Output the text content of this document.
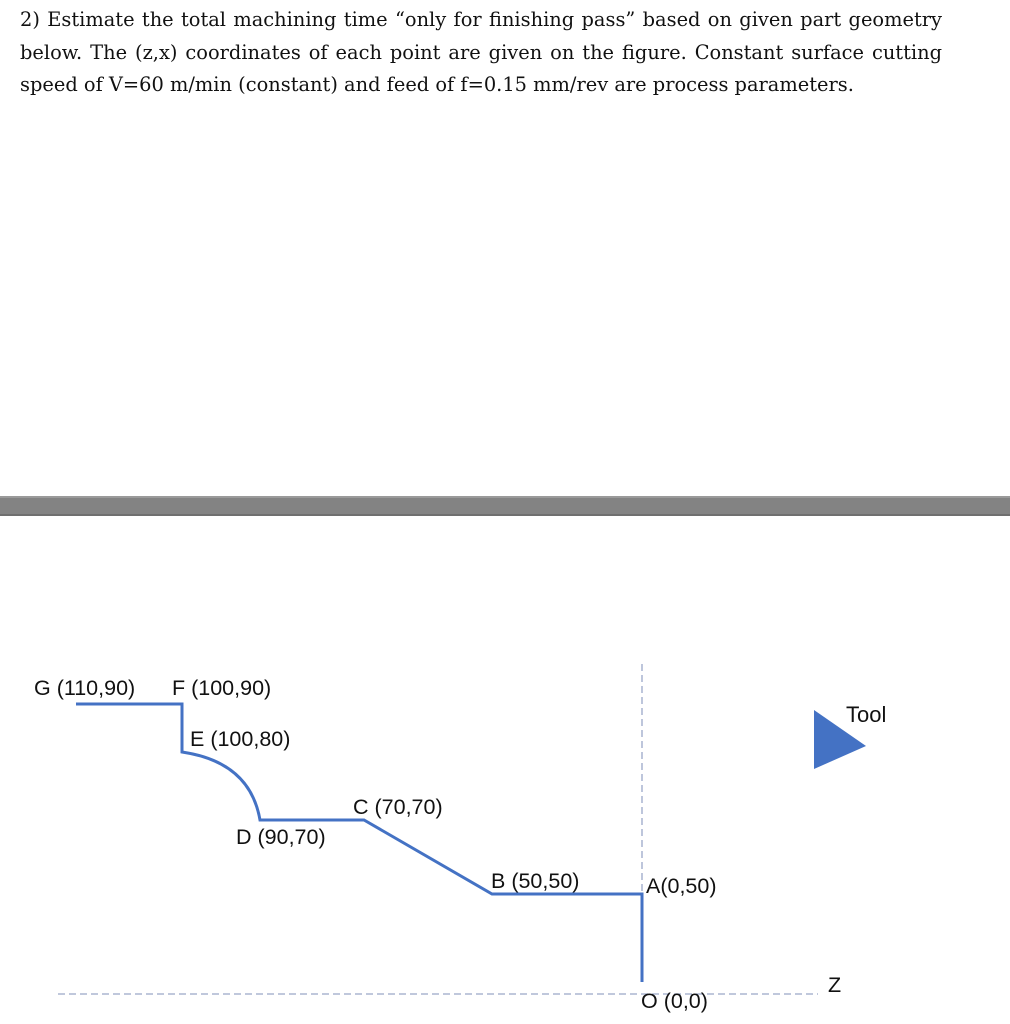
2) Estimate the total machining time “only for finishing pass” based on given part geometry below. The (z,x) coordinates of each point are given on the figure. Constant surface cutting speed of V=60 m/min (constant) and feed of f=0.15 mm/rev are process parameters.

G (110,90) F (100,90)
E (100,80)
D (90,70)
C (70,70)
B (50,50)	A(0,50)
O (0,0)
Z
Tool
